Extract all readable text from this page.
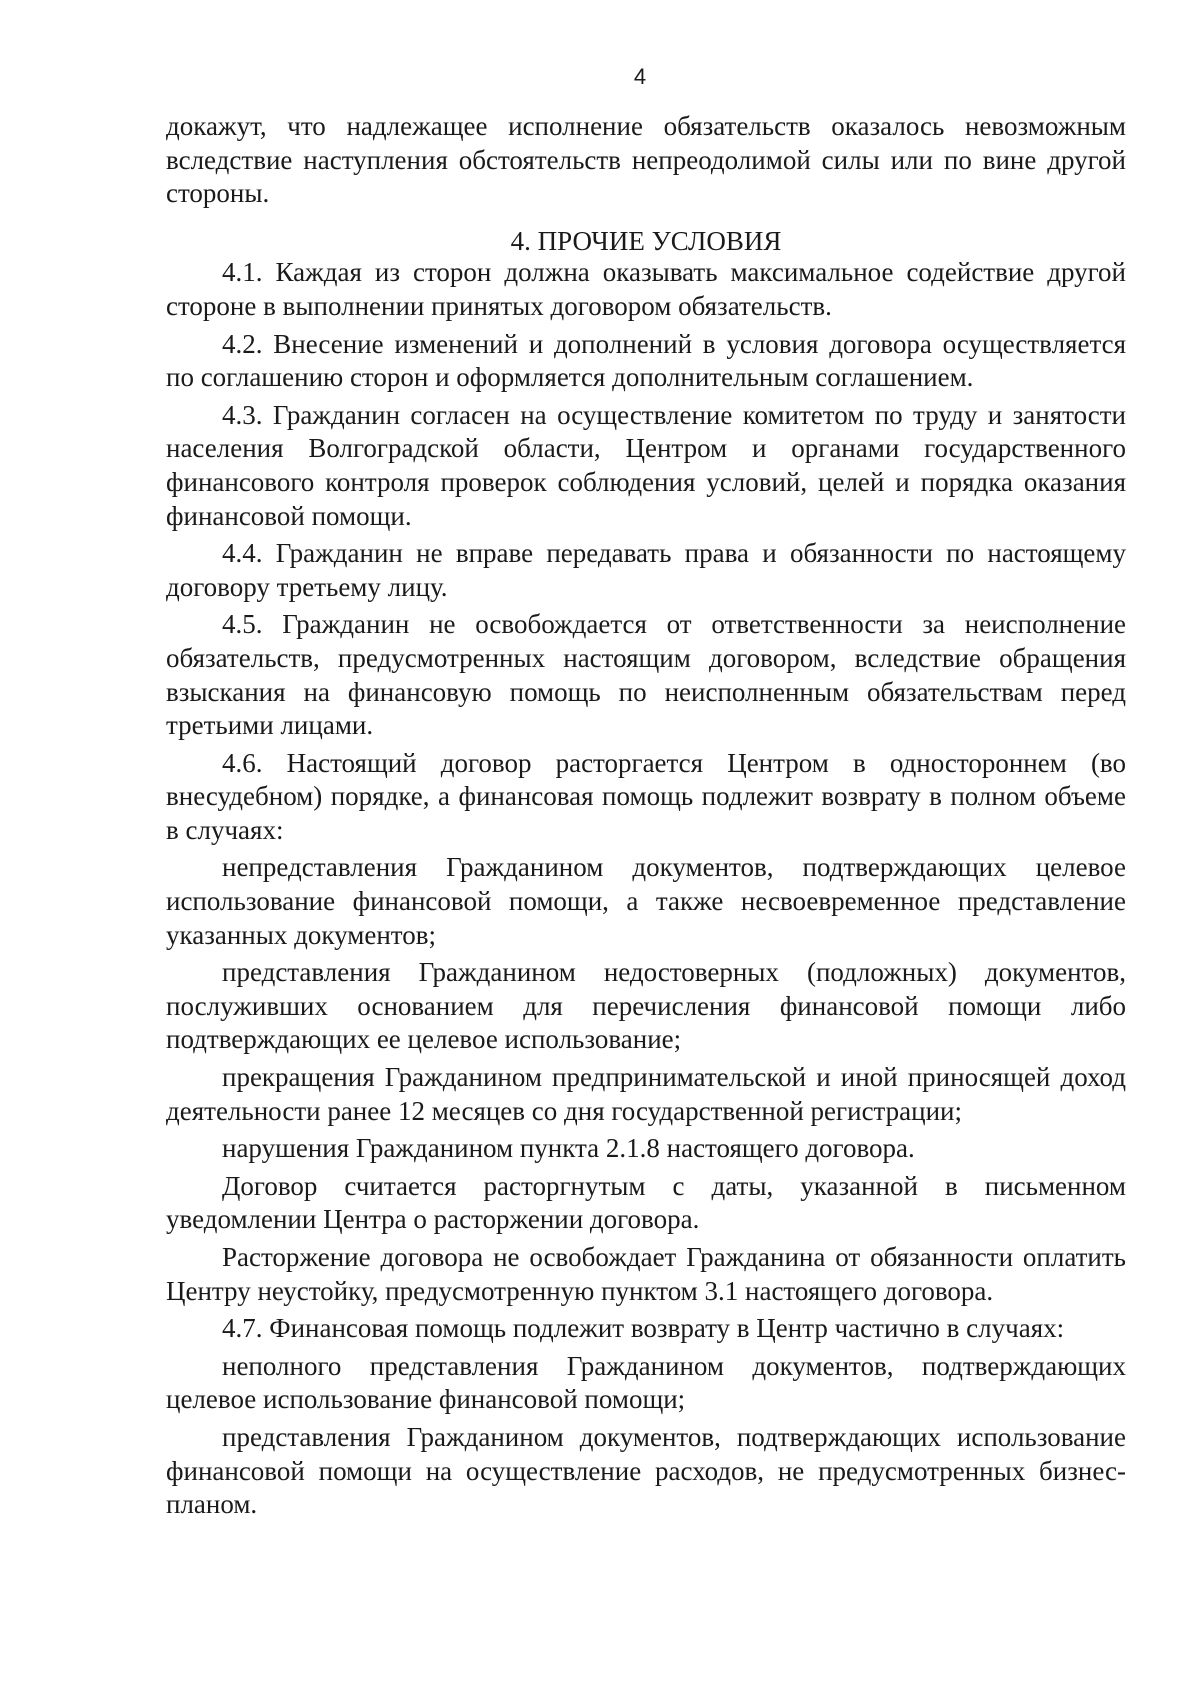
4

докажут, что надлежащее исполнение обязательств оказалось невозможным вследствие наступления обстоятельств непреодолимой силы или по вине другой стороны.

4. ПРОЧИЕ УСЛОВИЯ

4.1. Каждая из сторон должна оказывать максимальное содействие другой стороне в выполнении принятых договором обязательств.

4.2. Внесение изменений и дополнений в условия договора осуществляется по соглашению сторон и оформляется дополнительным соглашением.

4.3. Гражданин согласен на осуществление комитетом по труду и занятости населения Волгоградской области, Центром и органами государственного финансового контроля проверок соблюдения условий, целей и порядка оказания финансовой помощи.

4.4. Гражданин не вправе передавать права и обязанности по настоящему договору третьему лицу.

4.5. Гражданин не освобождается от ответственности за неисполнение обязательств, предусмотренных настоящим договором, вследствие обращения взыскания на финансовую помощь по неисполненным обязательствам перед третьими лицами.

4.6. Настоящий договор расторгается Центром в одностороннем (во внесудебном) порядке, а финансовая помощь подлежит возврату в полном объеме в случаях:

непредставления Гражданином документов, подтверждающих целевое использование финансовой помощи, а также несвоевременное представление указанных документов;

представления Гражданином недостоверных (подложных) документов, послуживших основанием для перечисления финансовой помощи либо подтверждающих ее целевое использование;

прекращения Гражданином предпринимательской и иной приносящей доход деятельности ранее 12 месяцев со дня государственной регистрации;

нарушения Гражданином пункта 2.1.8 настоящего договора.

Договор считается расторгнутым с даты, указанной в письменном уведомлении Центра о расторжении договора.

Расторжение договора не освобождает Гражданина от обязанности оплатить Центру неустойку, предусмотренную пунктом 3.1 настоящего договора.

4.7. Финансовая помощь подлежит возврату в Центр частично в случаях:

неполного представления Гражданином документов, подтверждающих целевое использование финансовой помощи;

представления Гражданином документов, подтверждающих использование финансовой помощи на осуществление расходов, не предусмотренных бизнес-планом.
